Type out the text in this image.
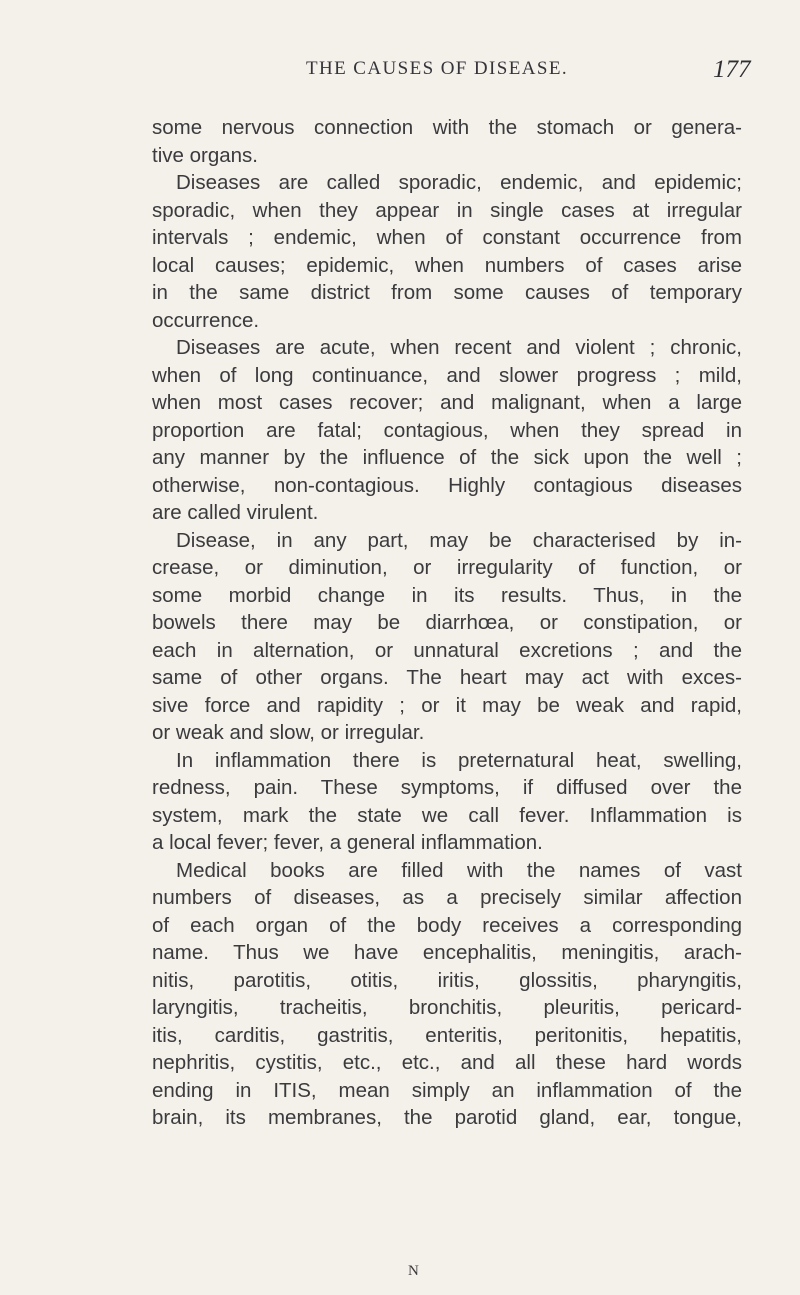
THE CAUSES OF DISEASE.	177
some nervous connection with the stomach or genera-
tive organs.
Diseases are called sporadic, endemic, and epidemic;
sporadic, when they appear in single cases at irregular
intervals ; endemic, when of constant occurrence from
local causes; epidemic, when numbers of cases arise
in the same district from some causes of temporary
occurrence.
Diseases are acute, when recent and violent ; chronic,
when of long continuance, and slower progress ; mild,
when most cases recover; and malignant, when a large
proportion are fatal; contagious, when they spread in
any manner by the influence of the sick upon the well ;
otherwise, non-contagious. Highly contagious diseases
are called virulent.
Disease, in any part, may be characterised by in-
crease, or diminution, or irregularity of function, or
some morbid change in its results. Thus, in the
bowels there may be diarrhœa, or constipation, or
each in alternation, or unnatural excretions ; and the
same of other organs. The heart may act with exces-
sive force and rapidity ; or it may be weak and rapid,
or weak and slow, or irregular.
In inflammation there is preternatural heat, swelling,
redness, pain. These symptoms, if diffused over the
system, mark the state we call fever. Inflammation is
a local fever; fever, a general inflammation.
Medical books are filled with the names of vast
numbers of diseases, as a precisely similar affection
of each organ of the body receives a corresponding
name. Thus we have encephalitis, meningitis, arach-
nitis, parotitis, otitis, iritis, glossitis, pharyngitis,
laryngitis, tracheitis, bronchitis, pleuritis, pericard-
itis, carditis, gastritis, enteritis, peritonitis, hepatitis,
nephritis, cystitis, etc., etc., and all these hard words
ending in ITIS, mean simply an inflammation of the
brain, its membranes, the parotid gland, ear, tongue,
N
